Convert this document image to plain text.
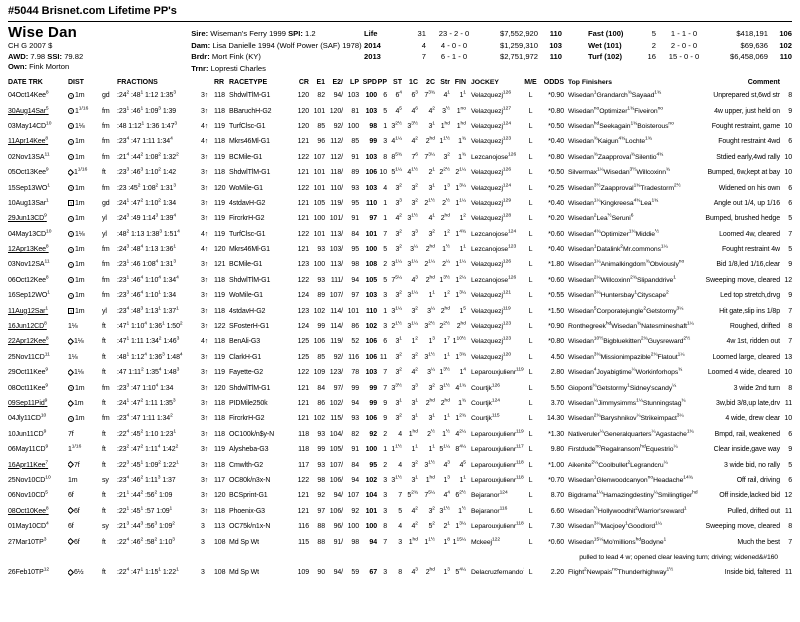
#5044 Brisnet.com Lifetime PP's
Wise Dan
CH G 2007 $
AWD: 7.98 SSI: 79.82
Own: Fink Morton
Sire: Wiseman's Ferry 1999 SPI: 1.2
Dam: Lisa Danielle 1994 (Wolf Power (SAF) 1978)
Brdr: Mort Fink (KY)
Trnr: Lopresti Charles
Life	31	23 - 2 - 0	$7,552,920	110
2014	4	4 - 0 - 0	$1,259,310	103
2013	7	6 - 1 - 0	$2,751,972	110
Fast (100)	5	1 - 1 - 0	$418,191	106
Wet (101)	2	2 - 0 - 0	$69,636	102
Turf (102)	16	15 - 0 - 0	$6,458,069	110
DATE TRK	DIST		FRACTIONS		RR	RACETYPE	CR	E1	E2/	LP	SPD	PP	ST	1C	2C	Str	FIN	JOCKEY	M/E	ODDS	Top Finishers	Comment	
04Oct14Kee$^8$	T 1m	gd	$:24^2$ $:48^1$ 1:12 $1:35^3$	3↑	118	ShdwlTlM-G1	120	82	94/	103	100	6	$6^4$	$6^3$	$7^{3\frac{3}{4}}$	$4^1$	$1^1$	Velazquezj$^{126}$	L	*0.90	Wisedan$^1$Grandarch$^{\frac{3}{4}}$Sayaad$^{1\frac{3}{4}}$	Unprepared st,6wd str	8
30Aug14Sar$^5$	T $1^{1/16}$	fm	$:23^1$ $:46^1$ $1:09^3$ 1:39	3↑	118	BBaruchH-G2	120	101	120/	81	103	5	$4^5$	$4^6$	$4^2$	$3^{\frac{1}{2}}$	$1^{no}$	Velazquezj$^{127}$	L	*0.80	Wisedan$^{no}$Optimizer$^{1\frac{3}{4}}$Fiveiron$^{no}$	4w upper, just held on	9
03May14CD$^{10}$	T 1⅛	fm	:48 $1:12^1$ 1:36 $1:47^3$	4↑	119	TurfClsc-G1	120	85	92/	100	98	1	$3^{2\frac{1}{2}}$	$3^{3\frac{1}{2}}$	$3^1$	$1^{hd}$	$1^{hd}$	Velazquezj$^{124}$	L	*0.50	Wisedan$^{hd}$Seekagain$^{1\frac{3}{4}}$Boisterous$^{no}$	Fought restraint, game	10
11Apr14Kee$^8$	T 1m	fm	$:23^4$ :47 1:11 $1:34^4$	4↑	118	Mkrs46Ml-G1	121	96	112/	85	99	3	$4^{1\frac{1}{4}}$	$4^2$	$2^{hd}$	$1^{1\frac{1}{2}}$	$1^{\frac{3}{4}}$	Velazquezj$^{123}$	L	*0.40	Wisedan$^{\frac{3}{4}}$Kaigun$^{4\frac{3}{4}}$Lochte$^{1\frac{3}{4}}$	Fought restraint 4wd	6
02Nov13SA$^{11}$	T 1m	fm	$:21^4$ $:44^2$ $1:08^2$ $1:32^2$	3↑	119	BCMile-G1	122	107	112/	91	103	8	$8^{5\frac{3}{4}}$	$7^6$	$7^{3\frac{1}{4}}$	$3^2$	$1^{\frac{3}{4}}$	Lezcanojose$^{126}$	L	*0.80	Wisedan$^{\frac{3}{4}}$Zaapproval$^{\frac{3}{4}}$Silentio$^{4\frac{3}{4}}$	Stdied early,4wd rally	10
05Oct13Kee$^9$	$1^{1/16}$	ft	$:23^3$ $:46^3$ $1:10^2$ 1:42	3↑	118	ShdwlTlM-G1	121	101	118/	89	106	10	$5^{1\frac{1}{4}}$	$4^{1\frac{1}{2}}$	$2^1$	$2^{2\frac{1}{2}}$	$2^{1\frac{1}{4}}$	Velazquezj$^{126}$	L	*0.50	Silvermax$^{1\frac{1}{4}}$Wisedan$^{3\frac{1}{2}}$Willcoxinn$^{\frac{3}{4}}$	Bumped, 6w,kept at bay	10
$15Sep13WO^1$	T 1m	fm	:23 $:45^2$ $1:08^2$ $1:31^3$	3↑	120	WoMile-G1	122	101	110/	93	103	4	$3^2$	$3^2$	$3^1$	$1^3$	$1^{3\frac{1}{4}}$	Velazquezj$^{124}$	L	*0.25	Wisedan$^{3\frac{1}{2}}$Zaapproval$^{1\frac{3}{4}}$Tradestorm$^{2\frac{1}{2}}$	Widened on his own	6
10Aug13Sar$^1$	T 1m	gd	$:24^1$ $:47^2$ $1:10^2$ 1:34	3↑	119	4stdavH-G2	121	105	119/	95	110	1	$3^3$	$3^2$	$2^{1\frac{1}{2}}$	$2^{\frac{1}{2}}$	$1^{1\frac{1}{4}}$	Velazquezj$^{129}$	L	*0.40	Wisedan$^{1\frac{1}{4}}$Kingkreesa$^{4\frac{3}{4}}$Lea$^{1\frac{3}{4}}$	Angle out 1/4, up 1/16	6
$29Jun13CD^9$	T 1m	yl	$:24^3$ :49 $1:14^3$ $1:39^4$	3↑	119	FircrkrH-G2	121	100	101/	91	97	1	$4^2$	$3^{1\frac{1}{2}}$	$4^1$	$2^{hd}$	$1^2$	Velazquezj$^{128}$	L	*0.20	Wisedan$^2$Lea$^{\frac{1}{2}}$Seruni$^6$	Bumped, brushed hedge	5
04May13CD$^{10}$	T 1⅛	yl	$:48^2$ 1:13 $1:38^3$ $1:51^4$	4↑	119	TurfClsc-G1	122	101	113/	84	101	7	$3^2$	$3^3$	$3^2$	$1^2$	$1^{4\frac{3}{4}}$	Lezcanojose$^{124}$	L	*0.60	Wisedan$^{4\frac{3}{4}}$Optimizer$^{1\frac{3}{4}}$Middie$^{\frac{1}{2}}$	Loomed 4w, cleared	7
12Apr13Kee$^8$	T 1m	fm	$:24^3$ $:48^4$ 1:13 $1:36^1$	4↑	120	Mkrs46Ml-G1	121	93	103/	95	100	5	$3^2$	$3^{\frac{1}{4}}$	$2^{hd}$	$1^{\frac{1}{2}}$	$1^1$	Lezcanojose$^{123}$	L	*0.40	Wisedan$^1$Datalink$^2$Mr.commons$^{1\frac{1}{4}}$	Fought restraint 4w	5
03Nov12SA$^{11}$	T 1m	fm	$:23^1$ :46 $1:08^4$ $1:31^3$	3↑	121	BCMile-G1	123	100	113/	98	108	2	$3^{1\frac{1}{4}}$	$3^{1\frac{1}{4}}$	$2^{1\frac{1}{4}}$	$2^{\frac{1}{4}}$	$1^{1\frac{1}{4}}$	Velazquezj$^{126}$	L	*1.80	Wisedan$^{1\frac{1}{4}}$Animalkingdom$^{\frac{3}{4}}$Obviously$^{no}$	Bid 1/8,led 1/16,clear	9
06Oct12Kee$^8$	T 1m	fm	$:23^1$ $:46^4$ $1:10^4$ $1:34^4$	3↑	118	ShdwlTlM-G1	122	93	111/	94	105	5	$7^{5\frac{1}{4}}$	$4^3$	$2^{hd}$	$1^{3\frac{1}{2}}$	$1^{2\frac{1}{4}}$	Lezcanojose$^{126}$	L	*0.60	Wisedan$^{2\frac{1}{4}}$Willcoxinn$^{2\frac{3}{4}}$Slipanddrive$^1$	Sweeping move, cleared	12
$16Sep12WO^1$	T 1m	fm	$:23^3$ $:46^4$ $1:10^1$ 1:34	3↑	119	WoMile-G1	124	89	107/	97	103	3	$3^2$	$3^{1\frac{1}{4}}$	$1^1$	$1^2$	$1^{3\frac{1}{4}}$	Velazquezj$^{121}$	L	*0.55	Wisedan$^{3\frac{1}{4}}$Huntersbay$^1$Cityscape$^2$	Led top stretch,drvg	9
11Aug12Sar$^1$	T 1m	yl	$:23^4$ $:48^3$ $1:13^1$ $1:37^1$	3↑	118	4stdavH-G2	123	102	114/	101	110	1	$3^{1\frac{1}{4}}$	$3^2$	$3^{\frac{1}{4}}$	$2^{hd}$	$1^5$	Velazquezj$^{119}$	L	*1.50	Wisedan$^5$Corporatejungle$^2$Getstormy$^{3\frac{1}{4}}$	Hit gate,slip ins 1/8p	7
$16Jun12CD^8$	1⅛	ft	$:47^1$ $1:10^4$ $1:36^1$ $1:50^2$	3↑	122	SFosterH-G1	124	99	114/	86	102	3	$2^{1\frac{1}{2}}$	$3^{1\frac{1}{4}}$	$3^{2\frac{1}{2}}$	$2^{2\frac{1}{2}}$	$2^{hd}$	Velazquezj$^{123}$	L	*0.90	Ronthegreek$^{hd}$Wisedan$^{\frac{3}{4}}$Natesmineshaft$^{1\frac{1}{4}}$	Roughed, drifted	8
22Apr12Kee$^8$	1⅛	ft	$:47^1$ 1:11 $1:34^2$ $1:46^3$	4↑	118	BenAli-G3	125	106	119/	52	106	6	$3^1$	$1^2$	$1^3$	$1^7$	$1^{10\frac{1}{2}}$	Velazquezj$^{123}$	L	*0.80	Wisedan$^{10\frac{1}{2}}$Bigbluekitten$^{2\frac{3}{4}}$Guysreward$^{2\frac{1}{2}}$	4w 1st, ridden out	7
25Nov11CD$^{11}$	1⅛	ft	$:48^1$ $1:12^4$ $1:36^3$ $1:48^4$	3↑	119	ClarkH-G1	125	85	92/	116	106	11	$3^2$	$3^2$	$3^{1\frac{1}{2}}$	$1^1$	$1^{3\frac{3}{4}}$	Velazquezj$^{120}$	L	4.50	Wisedan$^{3\frac{3}{4}}$Missionimpazible$^{2\frac{3}{4}}$Flatout$^{1\frac{1}{4}}$	Loomed large, cleared	13
29Oct11Kee$^9$	1⅛	ft	:47 $1:11^2$ $1:35^4$ $1:48^3$	3↑	119	Fayette-G2	122	109	123/	78	103	7	$3^2$	$4^2$	$3^{\frac{1}{4}}$	$1^{3\frac{1}{2}}$	$1^4$	Leparouxjulienr$^{119}$	L	2.80	Wisedan$^4$Joyabigtime$^{\frac{1}{4}}$Workinforhops$^{\frac{3}{4}}$	Loomed 4 wide, cleared	10
08Oct11Kee$^9$	T 1m	fm	$:23^3$ :47 $1:10^4$ 1:34	3↑	120	ShdwlTlM-G1	121	84	97/	99	99	7	$3^{3\frac{1}{2}}$	$3^3$	$3^2$	$3^{1\frac{1}{2}}$	$4^{1\frac{3}{4}}$	Courtjk$^{126}$	L	5.50	Gioponti$^{\frac{3}{4}}$Getstormy$^1$Sidney'scandy$^{\frac{1}{4}}$	3 wide 2nd turn	8
09Sep11Pid$^9$	1m	ft	$:24^1$ $:47^2$ 1:11 $1:35^3$	3↑	118	PIDMile250k	121	86	102/	94	99	9	$3^1$	$3^1$	$2^{hd}$	$2^{hd}$	$1^{\frac{3}{4}}$	Courtjk$^{124}$	L	3.70	Wisedan$^{\frac{1}{4}}$Jimmysimms$^{1\frac{1}{4}}$Stunningstag$^{\frac{3}{4}}$	3w,bid 3/8,up late,drv	11
04Jly11CD$^{10}$	T 1m	fm	$:23^4$ :47 1:11 $1:34^2$	3↑	118	FircrkrH-G2	121	102	115/	93	106	9	$3^2$	$3^1$	$3^1$	$1^1$	$1^{2\frac{3}{4}}$	Courtjk$^{115}$	L	14.30	Wisedan$^{2\frac{3}{4}}$Baryshnikov$^{\frac{1}{4}}$Strikeimpact$^{3\frac{1}{4}}$	4 wide, drew clear	10
$10Jun11CD^9$	7f	ft	$:22^4$ $:45^2$ 1:10 $1:23^1$	3↑	118	OC100k/n$y-N	118	93	104/	82	92	2	4	$1^{hd}$	$2^{\frac{1}{2}}$	$1^{\frac{1}{2}}$	$4^{2\frac{1}{4}}$	Leparouxjulienr$^{119}$	L	*1.30	Nativeruler$^{\frac{1}{4}}$Generalquarters$^{\frac{1}{4}}$Agastache$^{1\frac{3}{4}}$	Bmpd, rail, weakened	6
$06May11CD^9$	$1^{1/16}$	ft	$:23^2$ $:47^2$ $1:11^4$ $1:42^2$	3↑	119	Alysheba-G3	118	99	105/	91	100	1	$1^{1\frac{1}{2}}$	$1^1$	$1^1$	$5^{1\frac{1}{4}}$	$8^{4\frac{1}{4}}$	Leparouxjulienr$^{117}$	L	9.80	Firstdude$^{no}$Regalransom$^{hd}$Equestrio$^{\frac{1}{4}}$	Clear inside,gave way	9
16Apr11Kee$^7$	7f	ft	$:22^3$ $:45^1$ $1:09^2$ $1:22^1$	3↑	118	Cmwlth-G2	117	93	107/	84	95	2	4	$3^2$	$3^{1\frac{1}{2}}$	$4^3$	$4^5$	Leparouxjulienr$^{118}$	L	*1.00	Aikenite$^{2\frac{1}{4}}$Coolbullet$^2$Legrandcru$^{\frac{1}{4}}$	3 wide bid, no rally	5
25Nov10CD$^{10}$	1m	sy	$:23^4$ $:46^2$ $1:11^3$ 1:37	3↑	117	OC80k/n3x-N	122	98	106/	94	102	3	$3^{1\frac{1}{2}}$	$3^1$	$1^{hd}$	$1^3$	$1^1$	Leparouxjulienr$^{118}$	L	*0.70	Wisedan$^1$Glenwoodcanyon$^{no}$Headache$^{14\frac{3}{4}}$	Off rail, driving	6
$06Nov10CD^5$	6f	ft	$:21^1$ $:44^2$ $:56^2$ 1:09	3↑	120	BCSprint-G1	121	92	94/	107	104	3	7	$5^{2\frac{3}{4}}$	$7^{5\frac{1}{4}}$	$4^4$	$6^{2\frac{1}{2}}$	Bejaranor$^{124}$	L	8.70	Bigdrama$^{1\frac{1}{4}}$Hamazingdestiny$^{\frac{1}{4}}$Smilingtiger$^{hd}$	Off inside,lacked bid	12
08Oct10Kee$^8$	6f	ft	$:22^1$ $:45^1$ :57 $1:09^1$	3↑	118	Phoenix-G3	121	97	106/	92	101	3	5	$4^2$	$3^2$	$3^{1\frac{1}{2}}$	$1^{\frac{1}{2}}$	Bejaranor$^{116}$	L	6.60	Wisedan$^{\frac{1}{2}}$Hollywoodhit$^2$Warrior'sreward$^1$	Pulled, drifted out	11
$01May10CD^4$	6f	sy	$:21^3$ $:44^3$ $:56^3$ $1:09^2$	3	113	OC75k/n1x-N	116	88	96/	100	100	8	4	$4^2$	$5^2$	$2^1$	$1^{3\frac{1}{4}}$	Leparouxjulienr$^{118}$	L	7.30	Wisedan$^{3\frac{1}{4}}$Macjoey$^1$Goodlord$^{1\frac{1}{4}}$	Sweeping move, cleared	8
$27Mar10TP^3$	6f	ft	$:22^4$ $:46^2$ $:58^2$ $1:10^3$	3	108	Md Sp Wt	115	88	91/	98	94	7	3	$1^{hd}$	$1^{1\frac{1}{2}}$	$1^8$	$1^{15\frac{1}{4}}$	Mckeej$^{122}$	L	*0.60	Wisedan$^{15\frac{1}{4}}$Mo'millions$^{hd}$Bodyne$^1$	Much the best	7
pulled to lead 4 w; opened clear leaving turn; driving; widened&#160																							
26Feb10TP$^{12}$	6½	ft	$:22^4$ $:47^1$ $1:15^1$ $1:22^1$	3	108	Md Sp Wt	109	90	94/	59	67	3	8	$4^3$	$2^{hd}$	$1^3$	$5^{4\frac{1}{4}}$	Delacruzfernando	L	2.20	Flight$^2$Newpais$^{no}$Thunderhighway$^{1\frac{1}{2}}$	Inside bid, faltered	11
